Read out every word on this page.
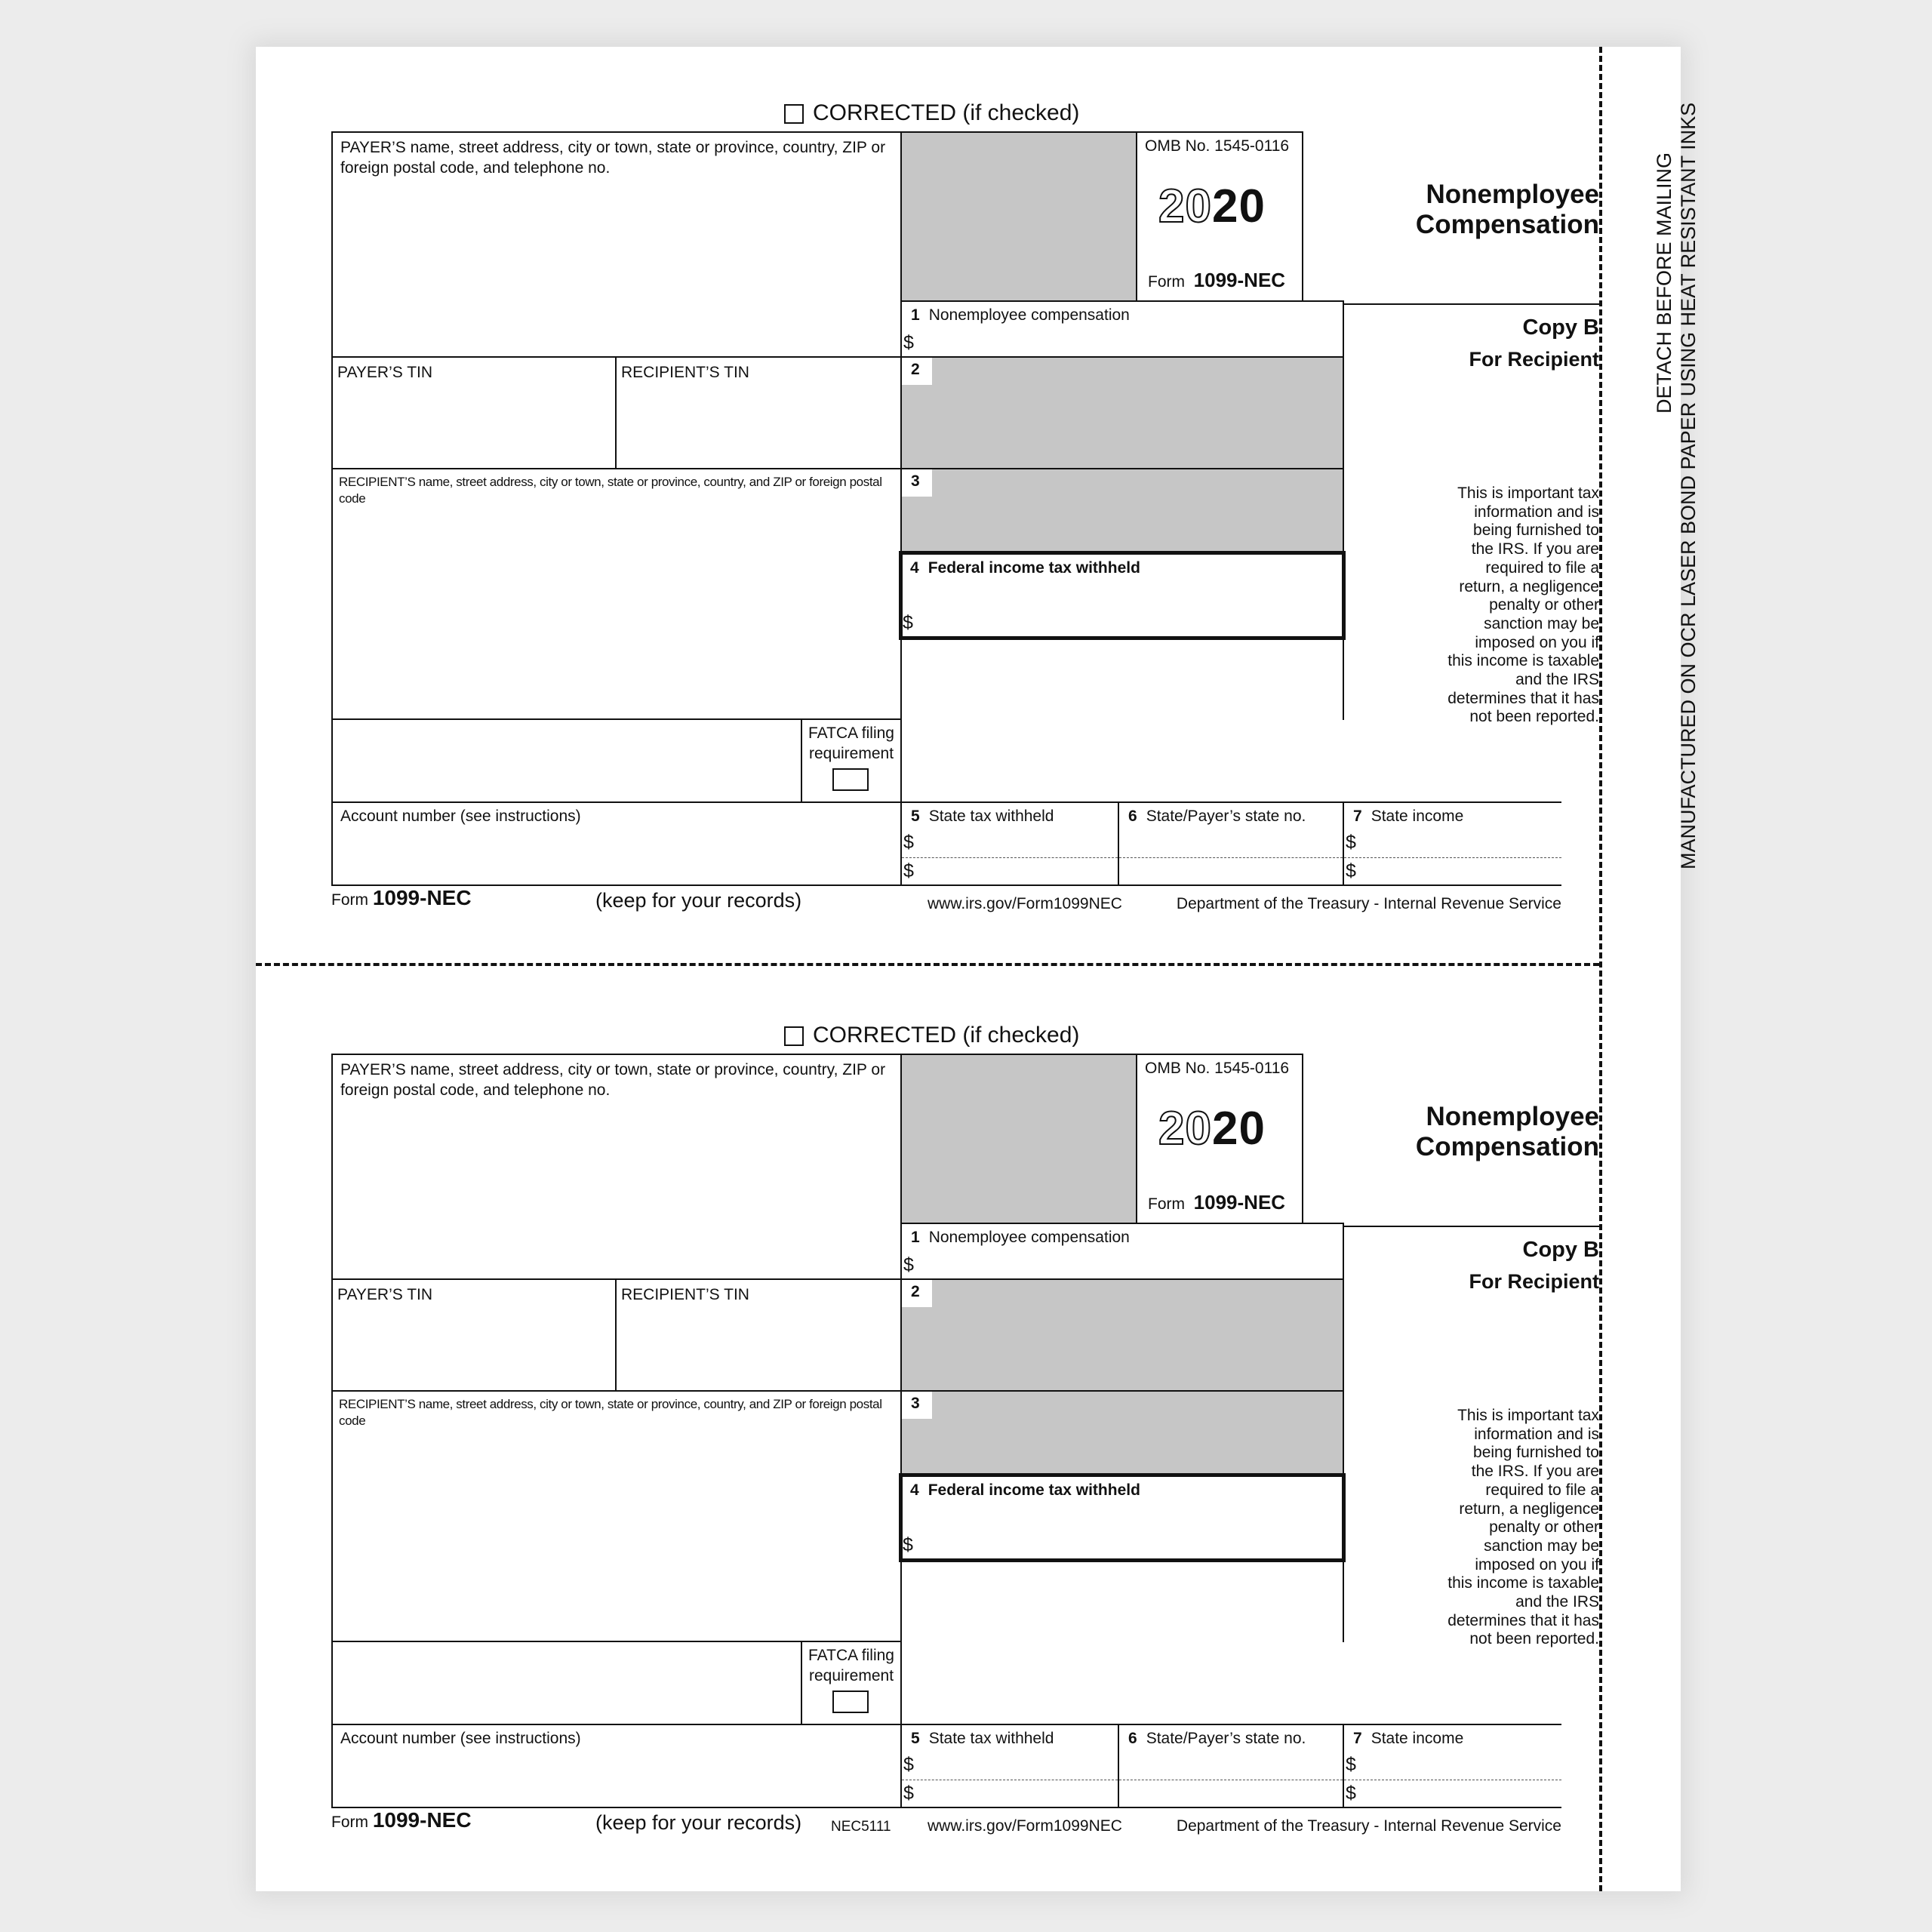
DETACH BEFORE MAILING MANUFACTURED ON OCR LASER BOND PAPER USING HEAT RESISTANT INKS
CORRECTED (if checked)
PAYER’S name, street address, city or town, state or province, country, ZIP or foreign postal code, and telephone no.
OMB No. 1545-0116
2020
Form 1099-NEC
Nonemployee
Compensation
Copy B
For Recipient
This is important tax
information and is
being furnished to
the IRS. If you are
required to file a
return, a negligence
penalty or other
sanction may be
imposed on you if
this income is taxable
and the IRS
determines that it has
not been reported.
1 Nonemployee compensation
$
PAYER’S TIN	RECIPIENT’S TIN	2
RECIPIENT’S name, street address, city or town, state or province, country, and ZIP or foreign postal code
3
4 Federal income tax withheld
$
FATCA filing
requirement
Account number (see instructions)	5 State tax withheld
$
$
6 State/Payer’s state no.	7 State income
$
$
Form 1099-NEC	(keep for your records)	www.irs.gov/Form1099NEC	Department of the Treasury - Internal Revenue Service
CORRECTED (if checked)
PAYER’S name, street address, city or town, state or province, country, ZIP or foreign postal code, and telephone no.
OMB No. 1545-0116
2020
Form 1099-NEC
Nonemployee
Compensation
Copy B
For Recipient
This is important tax
information and is
being furnished to
the IRS. If you are
required to file a
return, a negligence
penalty or other
sanction may be
imposed on you if
this income is taxable
and the IRS
determines that it has
not been reported.
1 Nonemployee compensation
$
PAYER’S TIN	RECIPIENT’S TIN	2
RECIPIENT’S name, street address, city or town, state or province, country, and ZIP or foreign postal code
3
4 Federal income tax withheld
$
FATCA filing
requirement
Account number (see instructions)	5 State tax withheld
$
$
6 State/Payer’s state no.	7 State income
$
$
Form 1099-NEC	(keep for your records) NEC5111 www.irs.gov/Form1099NEC	Department of the Treasury - Internal Revenue Service
